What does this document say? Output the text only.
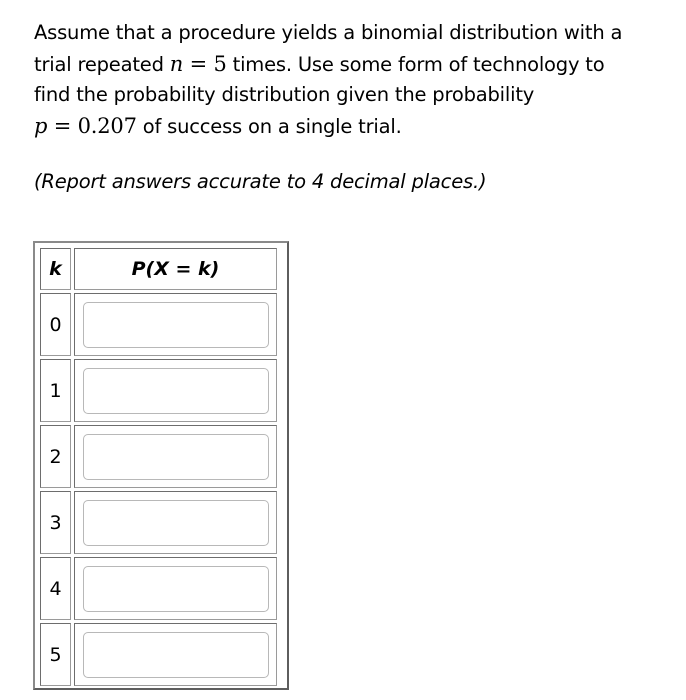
Assume that a procedure yields a binomial distribution with a

trial repeated n = 5 times. Use some form of technology to

find the probability distribution given the probability

p = 0.207 of success on a single trial.

(Report answers accurate to 4 decimal places.)
k	P(X = k)
0	

1	

2	

3	

4	

5	
